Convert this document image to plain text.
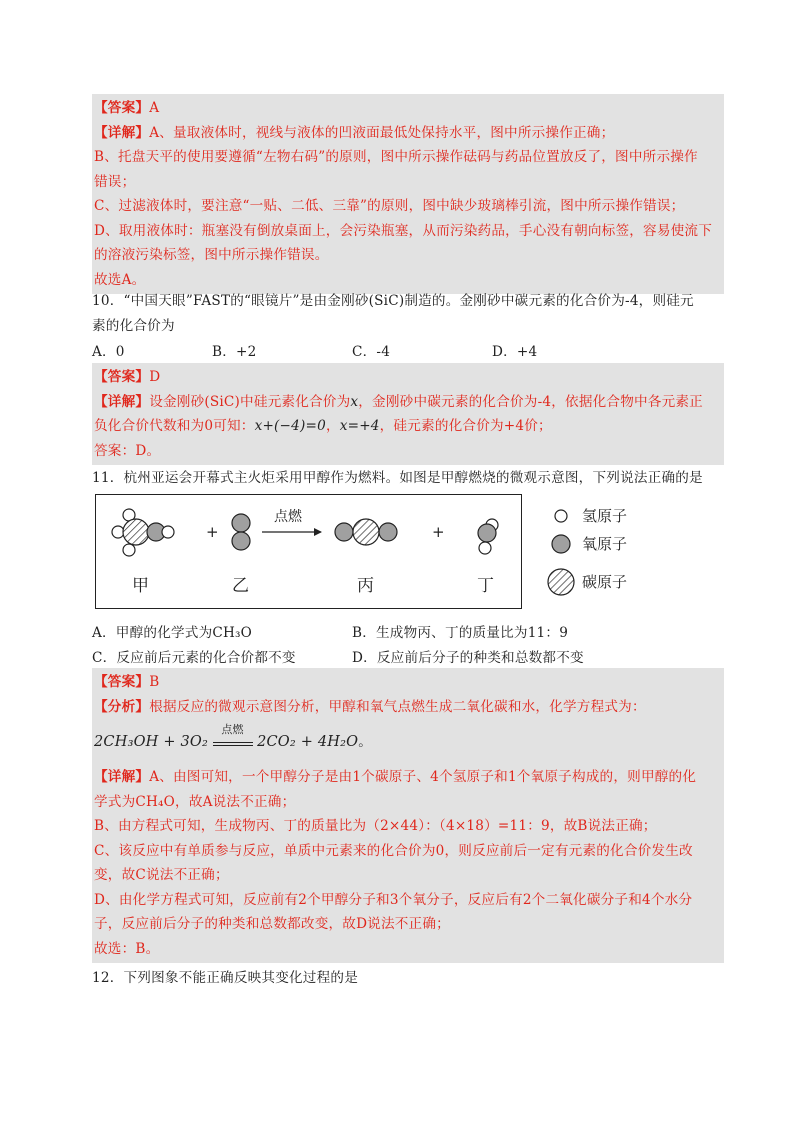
【答案】A
【详解】A、量取液体时，视线与液体的凹液面最低处保持水平，图中所示操作正确；
B、托盘天平的使用要遵循“左物右码”的原则，图中所示操作砝码与药品位置放反了，图中所示操作
错误；
C、过滤液体时，要注意“一贴、二低、三靠”的原则，图中缺少玻璃棒引流，图中所示操作错误；
D、取用液体时：瓶塞没有倒放桌面上，会污染瓶塞，从而污染药品，手心没有朝向标签，容易使流下
的溶液污染标签，图中所示操作错误。
故选A。
10．“中国天眼”FAST的“眼镜片”是由金刚砂(SiC)制造的。金刚砂中碳元素的化合价为-4，则硅元
素的化合价为
A．0	B．+2	C．-4	D．+4
【答案】D
【详解】设金刚砂(SiC)中硅元素化合价为x，金刚砂中碳元素的化合价为-4，依据化合物中各元素正
负化合价代数和为0可知：x+(−4)=0，x=+4，硅元素的化合价为+4价；
答案：D。
11．杭州亚运会开幕式主火炬采用甲醇作为燃料。如图是甲醇燃烧的微观示意图，下列说法正确的是
+
点燃
+
甲	乙	丙	丁
氢原子
氧原子
碳原子
A．甲醇的化学式为CH₃O	B．生成物丙、丁的质量比为11：9
C．反应前后元素的化合价都不变	D．反应前后分子的种类和总数都不变
【答案】B
【分析】根据反应的微观示意图分析，甲醇和氧气点燃生成二氧化碳和水，化学方程式为：
2CH₃OH + 3O₂
点燃
2CO₂ + 4H₂O。
【详解】A、由图可知，一个甲醇分子是由1个碳原子、4个氢原子和1个氧原子构成的，则甲醇的化
学式为CH₄O，故A说法不正确；
B、由方程式可知，生成物丙、丁的质量比为（2×44）：（4×18）=11：9，故B说法正确；
C、该反应中有单质参与反应，单质中元素来的化合价为0，则反应前后一定有元素的化合价发生改
变，故C说法不正确；
D、由化学方程式可知，反应前有2个甲醇分子和3个氧分子，反应后有2个二氧化碳分子和4个水分
子，反应前后分子的种类和总数都改变，故D说法不正确；
故选：B。
12．下列图象不能正确反映其变化过程的是
